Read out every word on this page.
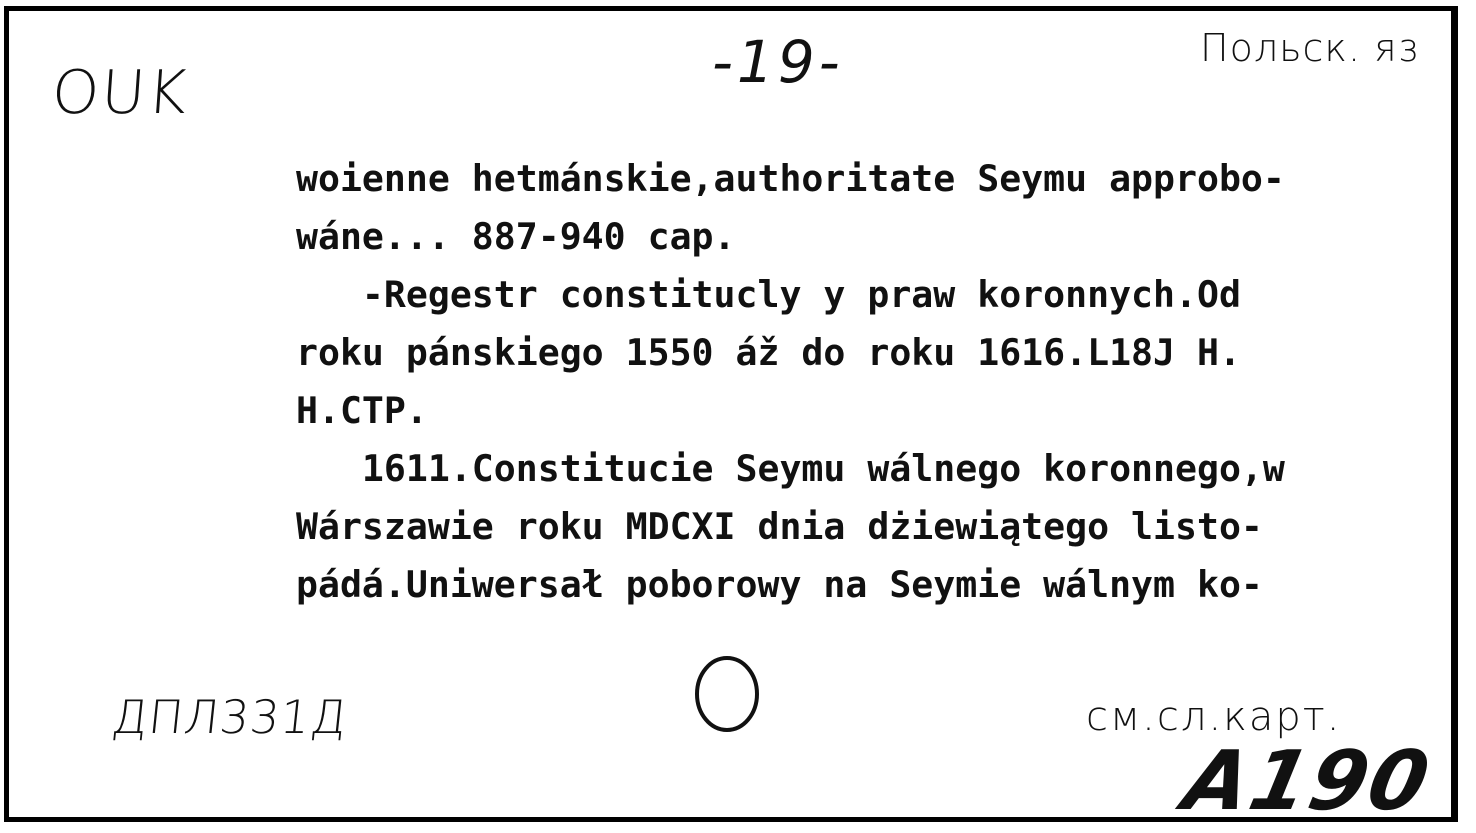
OUK	-19-	Польск. яз
woienne hetmánskie,authoritate Seymu approbo-
wáne... 887-940 cap.
-Regestr constitucly y praw koronnych.Od
roku pánskiego 1550 áž do roku 1616.L18J H.
H.CTP.
1611.Constitucie Seymu wálnego koronnego,w
Wárszawie roku MDCXI dnia dżiewiątego listo-
pádá.Uniwersał poborowy na Seymie wálnym ko-
ДПЛ331Д	см.сл.карт.
A190
